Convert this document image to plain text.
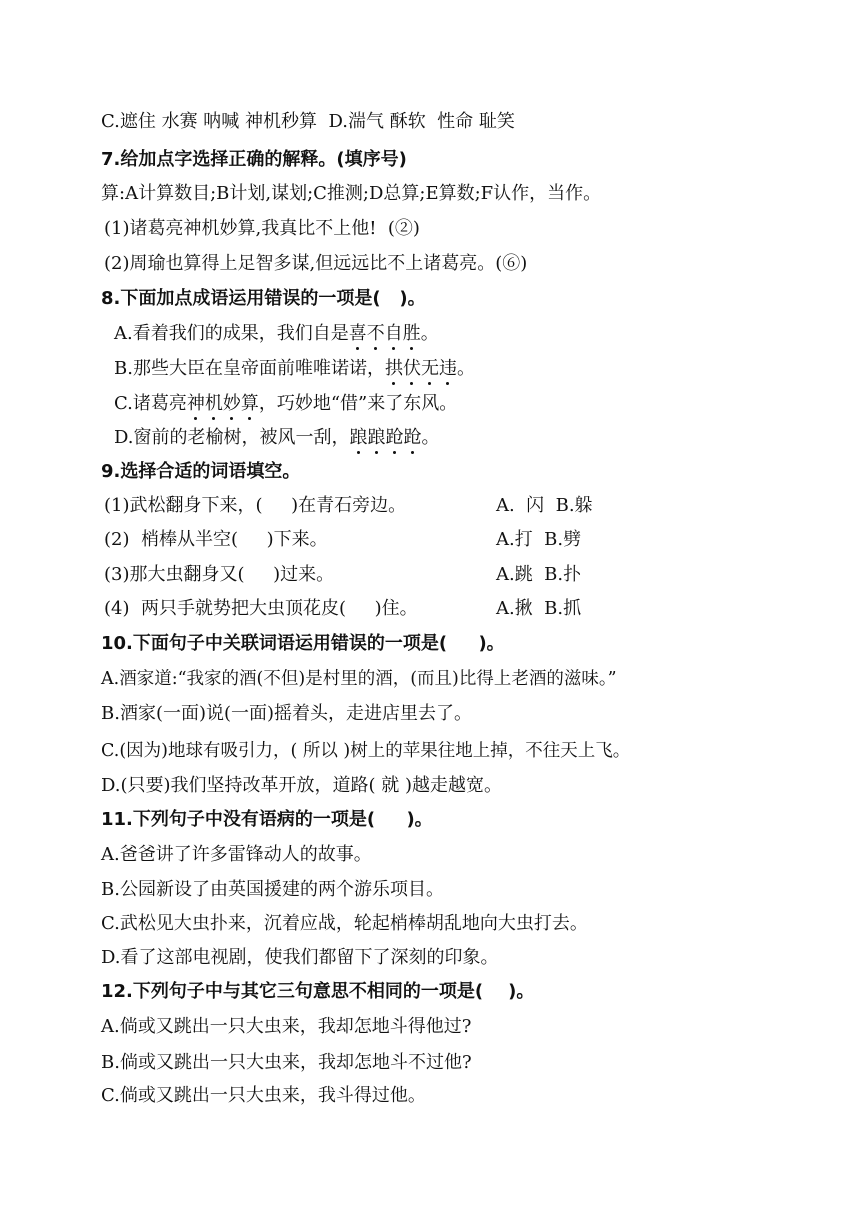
C.遮住 水赛 呐喊 神机秒算  D.湍气 酥软  性命 耻笑
7.给加点字选择正确的解释。(填序号)
算:A计算数目;B计划,谋划;C推测;D总算;E算数;F认作，当作。
(1)诸葛亮神机妙算,我真比不上他!  (②)
(2)周瑜也算得上足智多谋,但远远比不上诸葛亮。(⑥)
8.下面加点成语运用错误的一项是(   )。
A.看着我们的成果，我们自是喜不自胜。
B.那些大臣在皇帝面前唯唯诺诺，拱伏无违。
C.诸葛亮神机妙算，巧妙地“借”来了东风。
D.窗前的老榆树，被风一刮，踉踉跄跄。
9.选择合适的词语填空。
(1)武松翻身下来，(     )在青石旁边。	A.  闪  B.躲
(2)  梢棒从半空(     )下来。	A.打  B.劈
(3)那大虫翻身又(     )过来。	A.跳  B.扑
(4)  两只手就势把大虫顶花皮(     )住。	A.揪  B.抓
10.下面句子中关联词语运用错误的一项是(     )。
A.酒家道:“我家的酒(不但)是村里的酒，(而且)比得上老酒的滋味。”
B.酒家(一面)说(一面)摇着头，走进店里去了。
C.(因为)地球有吸引力，( 所以 )树上的苹果往地上掉，不往天上飞。
D.(只要)我们坚持改革开放，道路( 就 )越走越宽。
11.下列句子中没有语病的一项是(     )。
A.爸爸讲了许多雷锋动人的故事。
B.公园新设了由英国援建的两个游乐项目。
C.武松见大虫扑来，沉着应战，轮起梢棒胡乱地向大虫打去。
D.看了这部电视剧，使我们都留下了深刻的印象。
12.下列句子中与其它三句意思不相同的一项是(    )。
A.倘或又跳出一只大虫来，我却怎地斗得他过?
B.倘或又跳出一只大虫来，我却怎地斗不过他?
C.倘或又跳出一只大虫来，我斗得过他。
